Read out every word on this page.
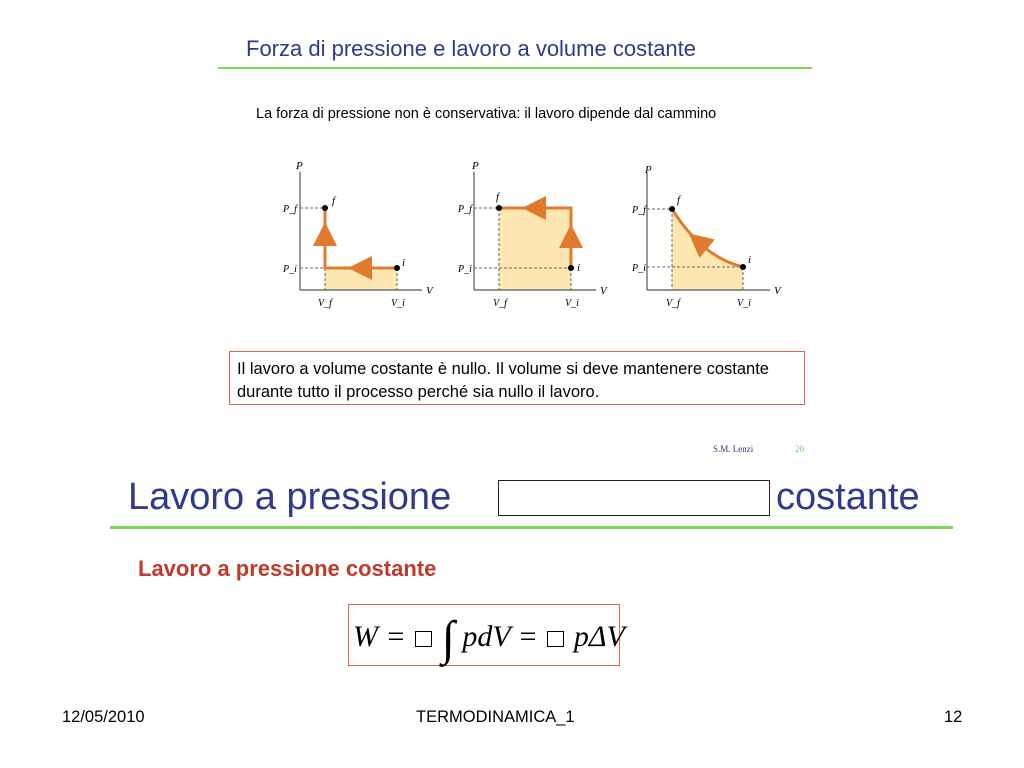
Forza di pressione e lavoro a volume costante
La forza di pressione non è conservativa: il lavoro dipende dal cammino
P
V
P_f
P_i
V_f	V_i
f
i
P
V
P_f
P_i
V_f	V_i
f
i
P
V
P_f
P_i
V_f	V_i
f
i
Il lavoro a volume costante è nullo. Il volume si deve mantenere costante durante tutto il processo perché sia nullo il lavoro.
S.M. Lenzi	20
Lavoro a pressione	costante
Lavoro a pressione costante
W = ∫ pdV = pΔV
12/05/2010	TERMODINAMICA_1	12
